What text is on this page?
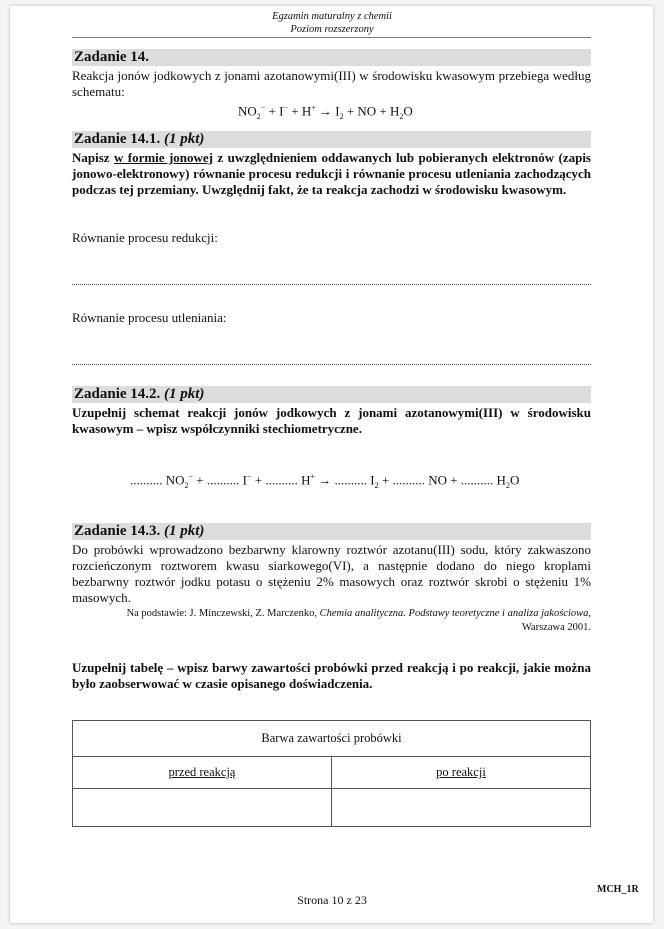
Egzamin maturalny z chemii
Poziom rozszerzony
Zadanie 14.
Reakcja jonów jodkowych z jonami azotanowymi(III) w środowisku kwasowym przebiega według schematu:
$NO_2^- + I^- + H^+ \to I_2$ + NO + $H_2O$
Zadanie 14.1. (1 pkt)
Napisz w formie jonowej z uwzględnieniem oddawanych lub pobieranych elektronów (zapis jonowo-elektronowy) równanie procesu redukcji i równanie procesu utleniania zachodzących podczas tej przemiany. Uwzględnij fakt, że ta reakcja zachodzi w środowisku kwasowym.
Równanie procesu redukcji:
Równanie procesu utleniania:
Zadanie 14.2. (1 pkt)
Uzupełnij schemat reakcji jonów jodkowych z jonami azotanowymi(III) w środowisku kwasowym – wpisz współczynniki stechiometryczne.
.......... $NO_2^-$ + .......... I− + .......... H+ → .......... $I_2$ + .......... NO + .......... $H_2O$
Zadanie 14.3. (1 pkt)
Do probówki wprowadzono bezbarwny klarowny roztwór azotanu(III) sodu, który zakwaszono rozcieńczonym roztworem kwasu siarkowego(VI), a następnie dodano do niego kroplami bezbarwny roztwór jodku potasu o stężeniu 2% masowych oraz roztwór skrobi o stężeniu 1% masowych.
Na podstawie: J. Minczewski, Z. Marczenko, Chemia analityczna. Podstawy teoretyczne i analiza jakościowa,
Warszawa 2001.
Uzupełnij tabelę – wpisz barwy zawartości probówki przed reakcją i po reakcji, jakie można było zaobserwować w czasie opisanego doświadczenia.
Barwa zawartości probówki	
przed reakcją	po reakcji

Strona 10 z 23
MCH_1R
